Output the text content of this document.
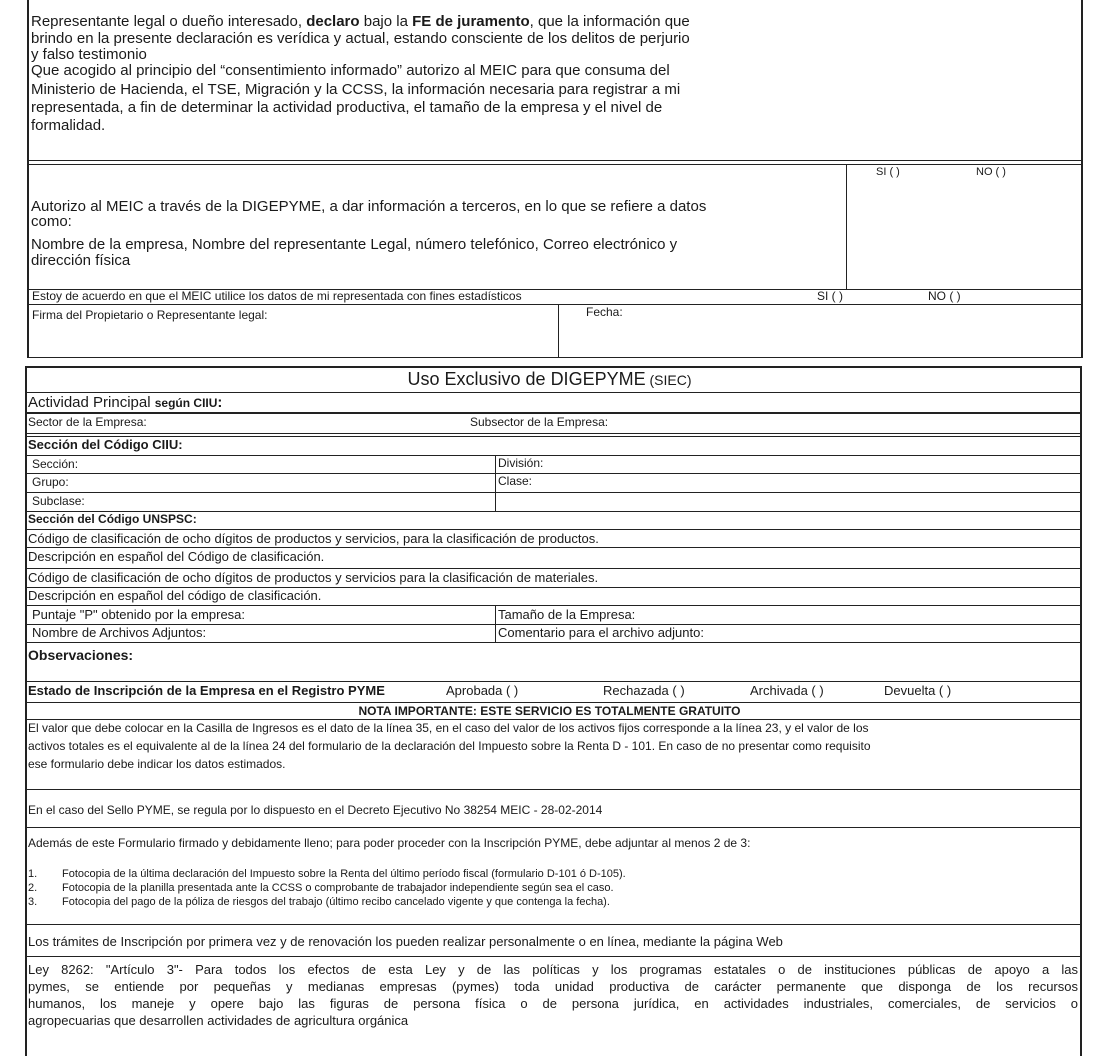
Representante legal o dueño interesado, declaro bajo la FE de juramento, que la información que
brindo en la presente declaración es verídica y actual, estando consciente de los delitos de perjurio
y falso testimonio
Que acogido al principio del “consentimiento informado” autorizo al MEIC para que consuma del
Ministerio de Hacienda, el TSE, Migración y la CCSS, la información necesaria para registrar a mi
representada, a fin de determinar la actividad productiva, el tamaño de la empresa y el nivel de
formalidad.
SI ( )	NO ( )
Autorizo al MEIC a través de la DIGEPYME, a dar información a terceros, en lo que se refiere a datos
como:
Nombre de la empresa, Nombre del representante Legal, número telefónico, Correo electrónico y
dirección física
Estoy de acuerdo en que el MEIC utilice los datos de mi representada con fines estadísticos	SI ( )	NO ( )
Firma del Propietario o Representante legal:	Fecha:
Uso Exclusivo de DIGEPYME (SIEC)
Actividad Principal según CIIU:
Sector de la Empresa:	Subsector de la Empresa:
Sección del Código CIIU:
Sección:	División:
Grupo:	Clase:
Subclase:
Sección del Código UNSPSC:
Código de clasificación de ocho dígitos de productos y servicios, para la clasificación de productos.
Descripción en español del Código de clasificación.
Código de clasificación de ocho dígitos de productos y servicios para la clasificación de materiales.
Descripción en español del código de clasificación.
Puntaje "P" obtenido por la empresa:	Tamaño de la Empresa:
Nombre de Archivos Adjuntos:	Comentario para el archivo adjunto:
Observaciones:
Estado de Inscripción de la Empresa en el Registro PYME	Aprobada ( )	Rechazada ( )	Archivada ( )	Devuelta ( )
NOTA IMPORTANTE: ESTE SERVICIO ES TOTALMENTE GRATUITO
El valor que debe colocar en la Casilla de Ingresos es el dato de la línea 35, en el caso del valor de los activos fijos corresponde a la línea 23, y el valor de los
activos totales es el equivalente al de la línea 24 del formulario de la declaración del Impuesto sobre la Renta D - 101. En caso de no presentar como requisito
ese formulario debe indicar los datos estimados.
En el caso del Sello PYME, se regula por lo dispuesto en el Decreto Ejecutivo No 38254 MEIC - 28-02-2014
Además de este Formulario firmado y debidamente lleno; para poder proceder con la Inscripción PYME, debe adjuntar al menos 2 de 3:
1. Fotocopia de la última declaración del Impuesto sobre la Renta del último período fiscal (formulario D-101 ó D-105).
2. Fotocopia de la planilla presentada ante la CCSS o comprobante de trabajador independiente según sea el caso.
3. Fotocopia del pago de la póliza de riesgos del trabajo (último recibo cancelado vigente y que contenga la fecha).
Los trámites de Inscripción por primera vez y de renovación los pueden realizar personalmente o en línea, mediante la página Web
Ley 8262: "Artículo 3"- Para todos los efectos de esta Ley y de las políticas y los programas estatales o de instituciones públicas de apoyo a las
pymes, se entiende por pequeñas y medianas empresas (pymes) toda unidad productiva de carácter permanente que disponga de los recursos
humanos, los maneje y opere bajo las figuras de persona física o de persona jurídica, en actividades industriales, comerciales, de servicios o
agropecuarias que desarrollen actividades de agricultura orgánica
